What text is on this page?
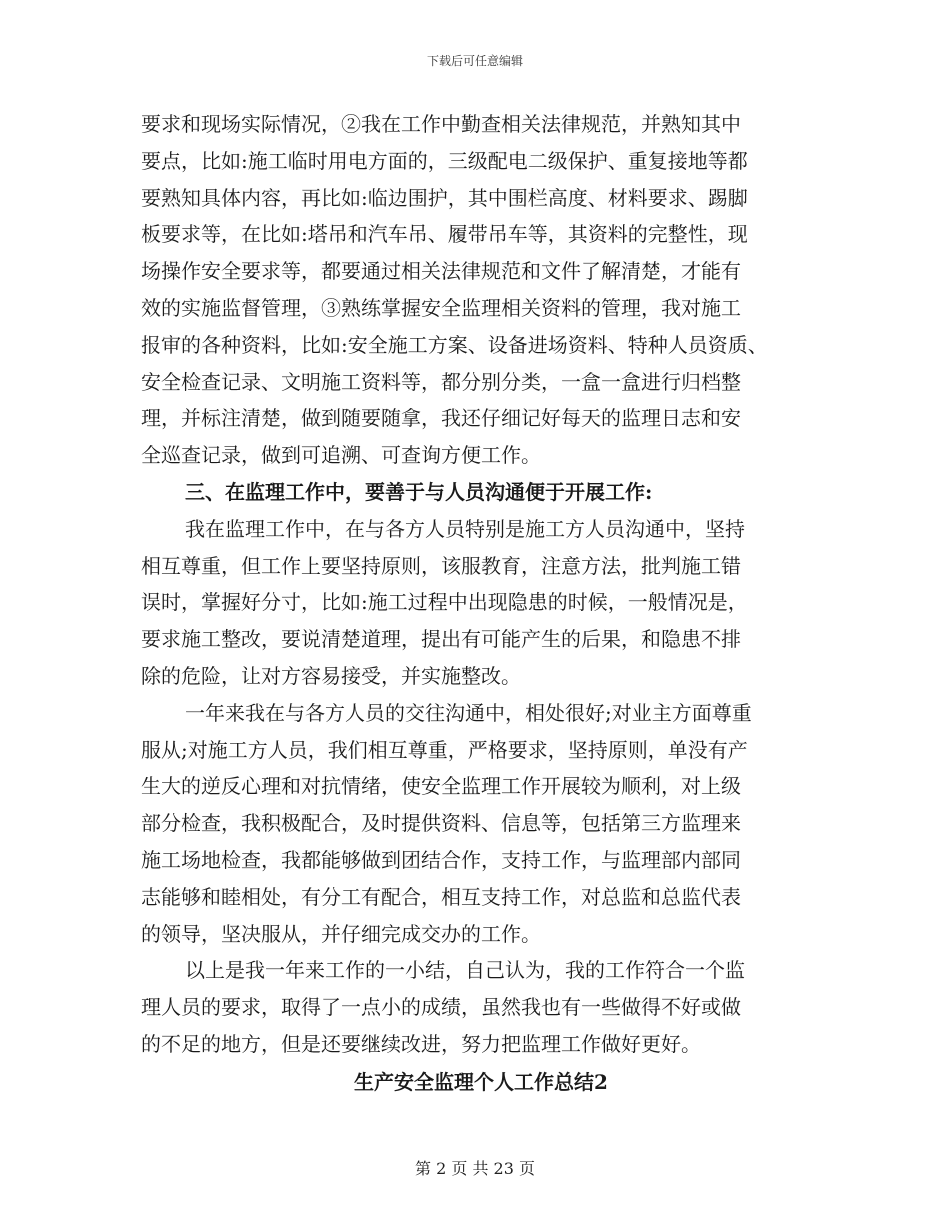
下载后可任意编辑
要求和现场实际情况，②我在工作中勤查相关法律规范，并熟知其中
要点，比如:施工临时用电方面的，三级配电二级保护、重复接地等都
要熟知具体内容，再比如:临边围护，其中围栏高度、材料要求、踢脚
板要求等，在比如:塔吊和汽车吊、履带吊车等，其资料的完整性，现
场操作安全要求等，都要通过相关法律规范和文件了解清楚，才能有
效的实施监督管理，③熟练掌握安全监理相关资料的管理，我对施工
报审的各种资料，比如:安全施工方案、设备进场资料、特种人员资质、
安全检查记录、文明施工资料等，都分别分类，一盒一盒进行归档整
理，并标注清楚，做到随要随拿，我还仔细记好每天的监理日志和安
全巡查记录，做到可追溯、可查询方便工作。
三、在监理工作中，要善于与人员沟通便于开展工作:
我在监理工作中，在与各方人员特别是施工方人员沟通中，坚持
相互尊重，但工作上要坚持原则，该服教育，注意方法，批判施工错
误时，掌握好分寸，比如:施工过程中出现隐患的时候，一般情况是，
要求施工整改，要说清楚道理，提出有可能产生的后果，和隐患不排
除的危险，让对方容易接受，并实施整改。
一年来我在与各方人员的交往沟通中，相处很好;对业主方面尊重
服从;对施工方人员，我们相互尊重，严格要求，坚持原则，单没有产
生大的逆反心理和对抗情绪，使安全监理工作开展较为顺利，对上级
部分检查，我积极配合，及时提供资料、信息等，包括第三方监理来
施工场地检查，我都能够做到团结合作，支持工作，与监理部内部同
志能够和睦相处，有分工有配合，相互支持工作，对总监和总监代表
的领导，坚决服从，并仔细完成交办的工作。
以上是我一年来工作的一小结，自己认为，我的工作符合一个监
理人员的要求，取得了一点小的成绩，虽然我也有一些做得不好或做
的不足的地方，但是还要继续改进，努力把监理工作做好更好。
生产安全监理个人工作总结2
第 2 页 共 23 页
